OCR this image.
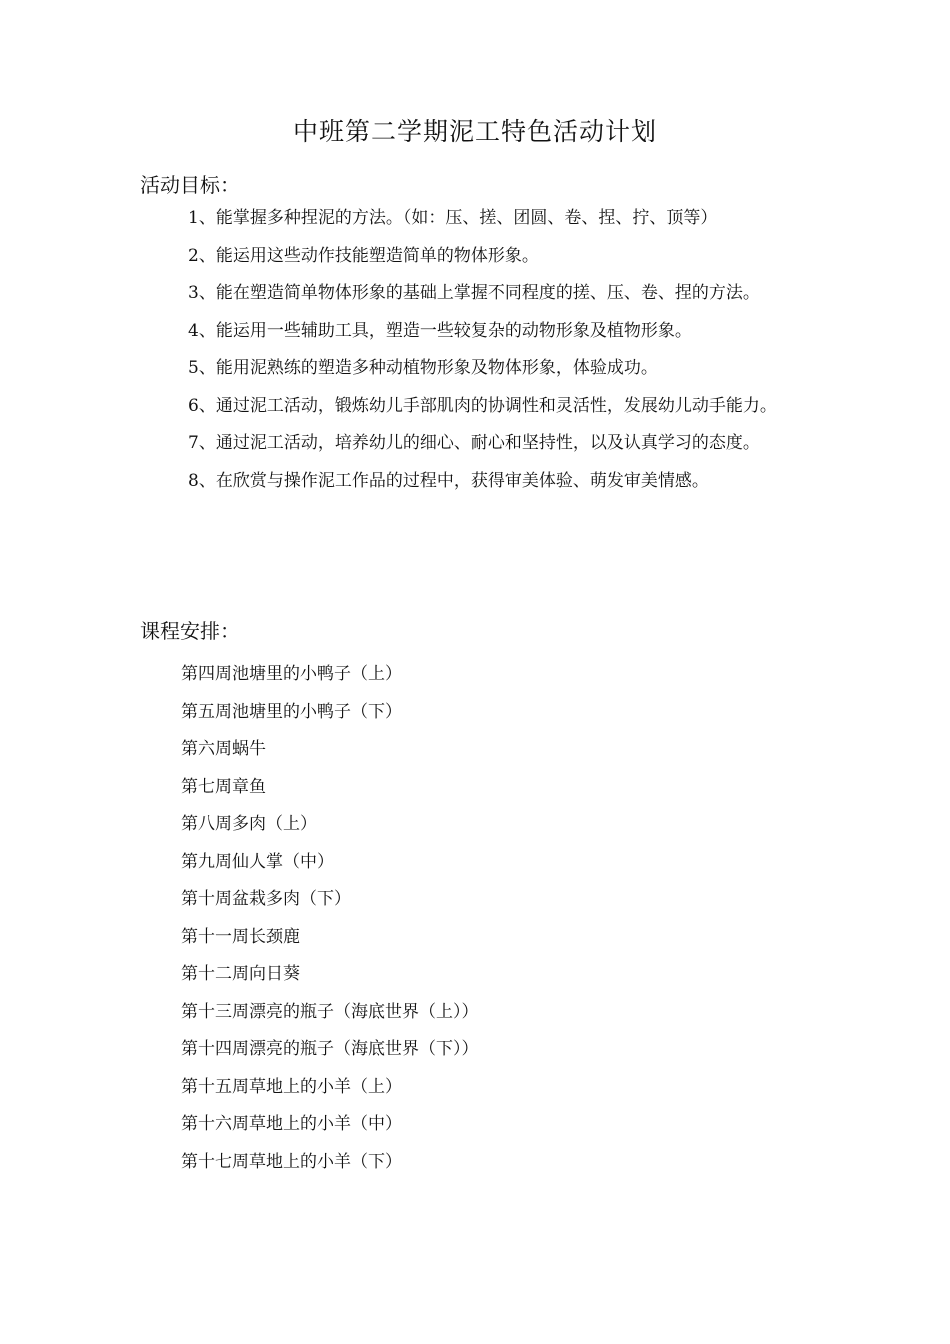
中班第二学期泥工特色活动计划
活动目标：

1、能掌握多种捏泥的方法。（如：压、搓、团圆、卷、捏、拧、顶等）

2、能运用这些动作技能塑造简单的物体形象。

3、能在塑造简单物体形象的基础上掌握不同程度的搓、压、卷、捏的方法。

4、能运用一些辅助工具，塑造一些较复杂的动物形象及植物形象。

5、能用泥熟练的塑造多种动植物形象及物体形象，体验成功。

6、通过泥工活动，锻炼幼儿手部肌肉的协调性和灵活性，发展幼儿动手能力。

7、通过泥工活动，培养幼儿的细心、耐心和坚持性，以及认真学习的态度。

8、在欣赏与操作泥工作品的过程中，获得审美体验、萌发审美情感。

课程安排：
第四周池塘里的小鸭子（上）
第五周池塘里的小鸭子（下）
第六周蜗牛
第七周章鱼
第八周多肉（上）
第九周仙人掌（中）
第十周盆栽多肉（下）
第十一周长颈鹿
第十二周向日葵
第十三周漂亮的瓶子（海底世界（上））
第十四周漂亮的瓶子（海底世界（下））
第十五周草地上的小羊（上）
第十六周草地上的小羊（中）
第十七周草地上的小羊（下）
